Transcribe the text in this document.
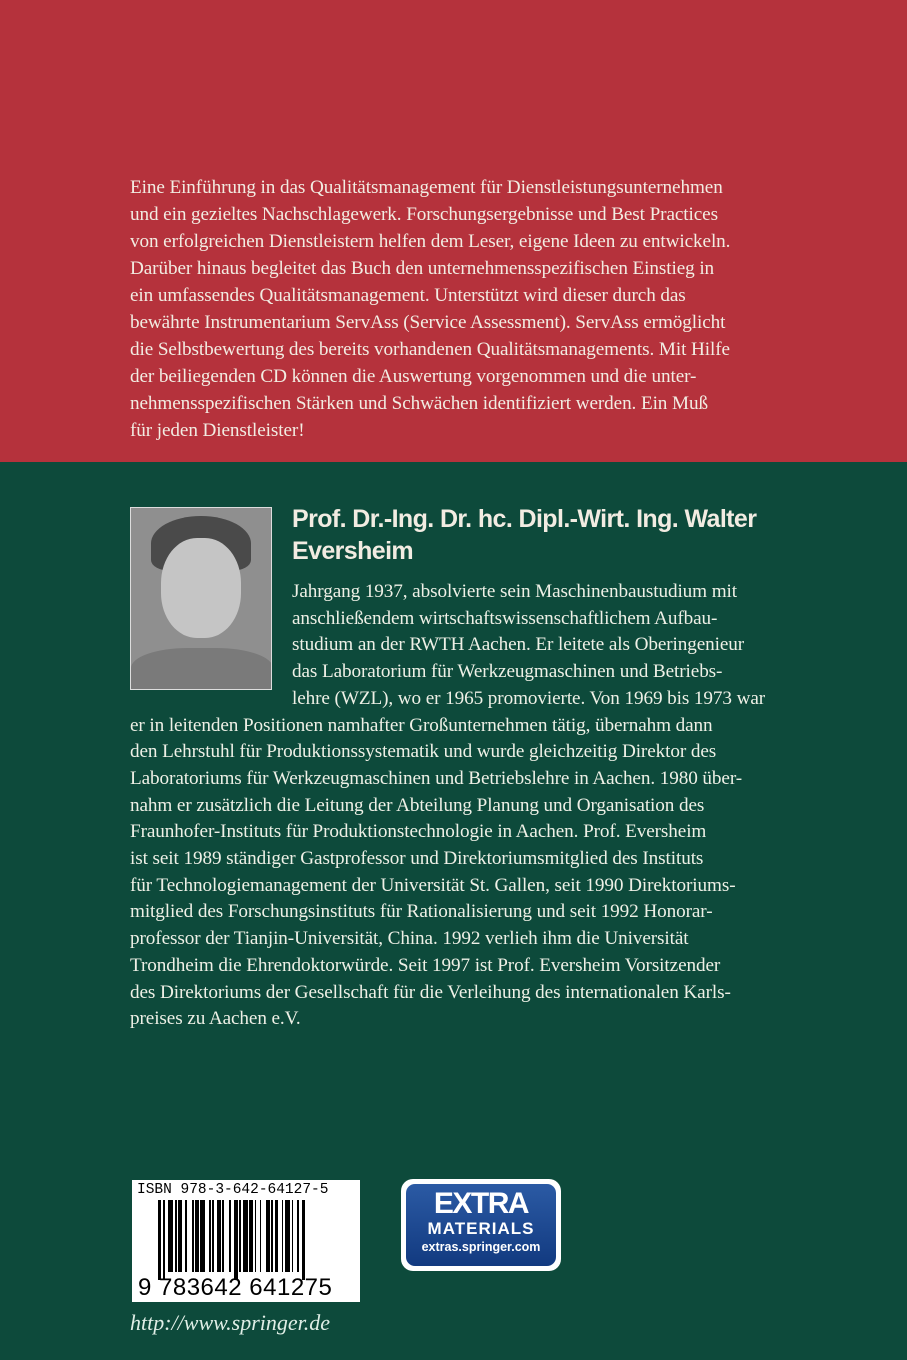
Eine Einführung in das Qualitätsmanagement für Dienstleistungsunternehmen
und ein gezieltes Nachschlagewerk. Forschungsergebnisse und Best Practices
von erfolgreichen Dienstleistern helfen dem Leser, eigene Ideen zu entwickeln.
Darüber hinaus begleitet das Buch den unternehmensspezifischen Einstieg in
ein umfassendes Qualitätsmanagement. Unterstützt wird dieser durch das
bewährte Instrumentarium ServAss (Service Assessment). ServAss ermöglicht
die Selbstbewertung des bereits vorhandenen Qualitätsmanagements. Mit Hilfe
der beiliegenden CD können die Auswertung vorgenommen und die unter-
nehmensspezifischen Stärken und Schwächen identifiziert werden. Ein Muß
für jeden Dienstleister!
Prof. Dr.-Ing. Dr. hc. Dipl.-Wirt. Ing. Walter
Eversheim
Jahrgang 1937, absolvierte sein Maschinenbaustudium mit
anschließendem wirtschaftswissenschaftlichem Aufbau-
studium an der RWTH Aachen. Er leitete als Oberingenieur
das Laboratorium für Werkzeugmaschinen und Betriebs-
lehre (WZL), wo er 1965 promovierte. Von 1969 bis 1973 war
er in leitenden Positionen namhafter Großunternehmen tätig, übernahm dann
den Lehrstuhl für Produktionssystematik und wurde gleichzeitig Direktor des
Laboratoriums für Werkzeugmaschinen und Betriebslehre in Aachen. 1980 über-
nahm er zusätzlich die Leitung der Abteilung Planung und Organisation des
Fraunhofer-Instituts für Produktionstechnologie in Aachen. Prof. Eversheim
ist seit 1989 ständiger Gastprofessor und Direktoriumsmitglied des Instituts
für Technologiemanagement der Universität St. Gallen, seit 1990 Direktoriums-
mitglied des Forschungsinstituts für Rationalisierung und seit 1992 Honorar-
professor der Tianjin-Universität, China. 1992 verlieh ihm die Universität
Trondheim die Ehrendoktorwürde. Seit 1997 ist Prof. Eversheim Vorsitzender
des Direktoriums der Gesellschaft für die Verleihung des internationalen Karls-
preises zu Aachen e.V.
ISBN 978-3-642-64127-5
9 783642 641275
EXTRA
MATERIALS
extras.springer.com
http://www.springer.de
